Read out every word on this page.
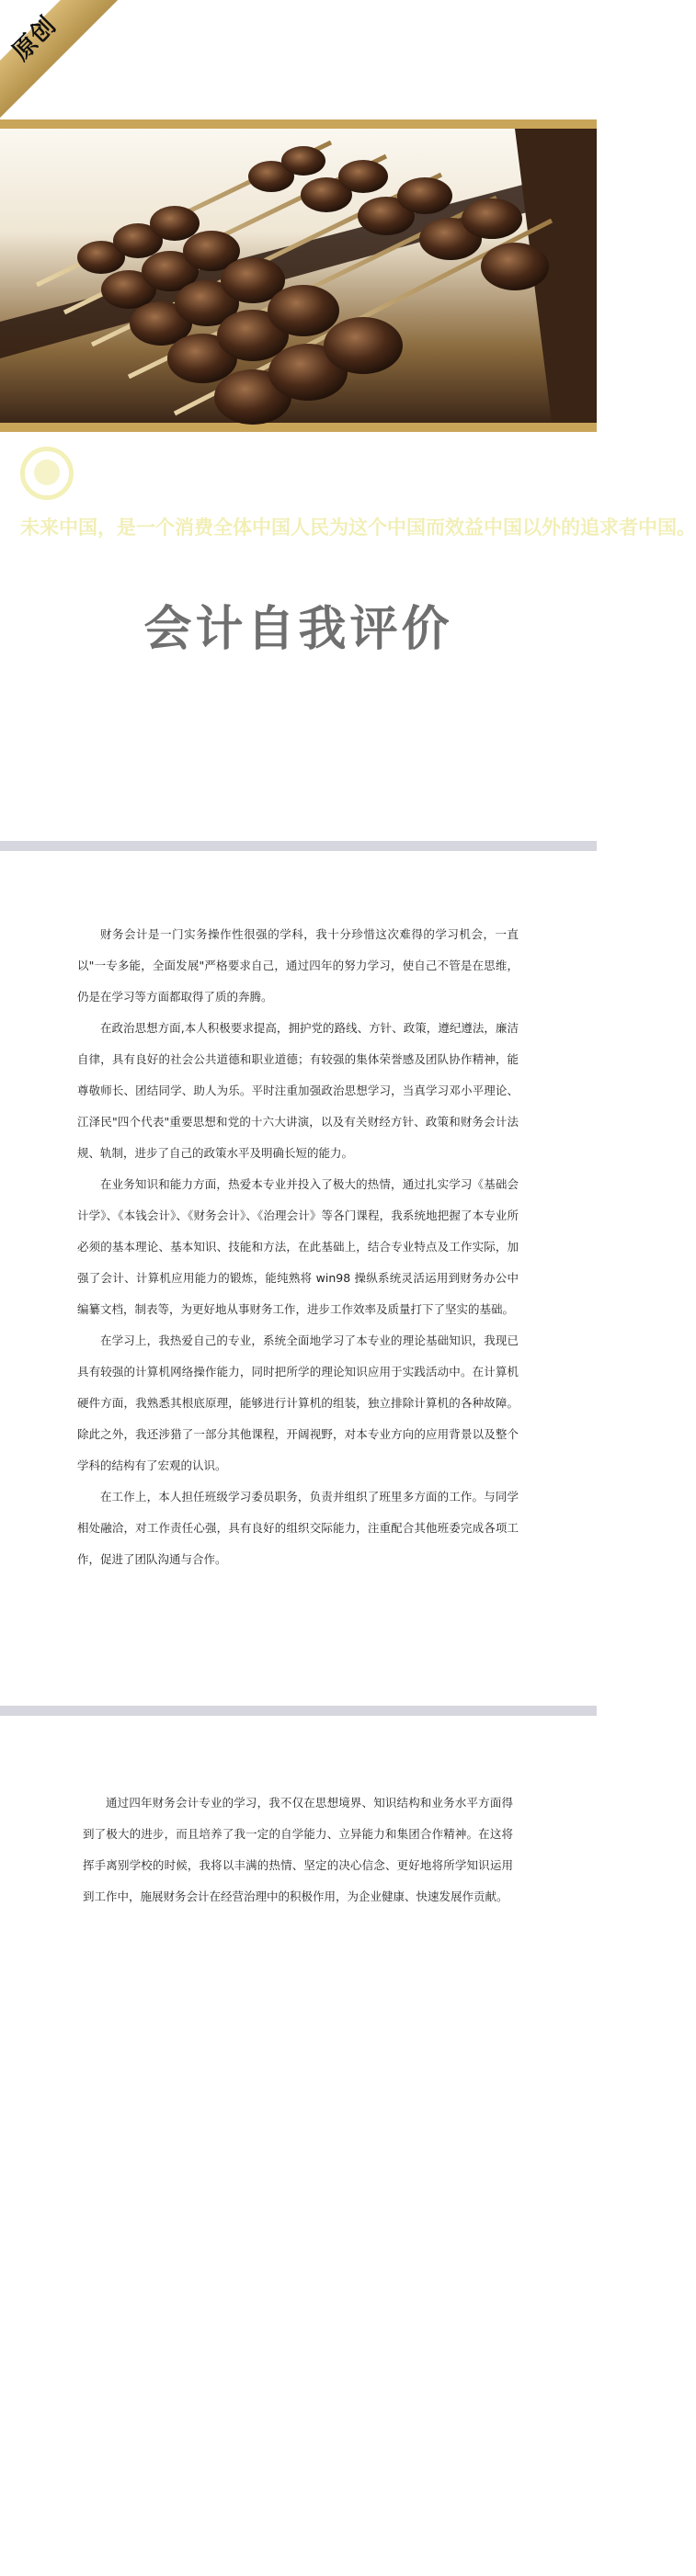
原创
未来中国，是一个消费全体中国人民为这个中国而效益中国以外的追求者中国。
会计自我评价

财务会计是一门实务操作性很强的学科，我十分珍惜这次难得的学习机会，一直以"一专多能，全面发展"严格要求自己，通过四年的努力学习，使自己不管是在思维，仍是在学习等方面都取得了质的奔腾。

在政治思想方面,本人积极要求提高，拥护党的路线、方针、政策，遵纪遵法，廉洁自律，具有良好的社会公共道德和职业道德；有较强的集体荣誉感及团队协作精神，能尊敬师长、团结同学、助人为乐。平时注重加强政治思想学习，当真学习邓小平理论、江泽民"四个代表"重要思想和党的十六大讲演，以及有关财经方针、政策和财务会计法规、轨制，进步了自己的政策水平及明确长短的能力。

在业务知识和能力方面，热爱本专业并投入了极大的热情，通过扎实学习《基础会计学》、《本钱会计》、《财务会计》、《治理会计》等各门课程，我系统地把握了本专业所必须的基本理论、基本知识、技能和方法，在此基础上，结合专业特点及工作实际，加强了会计、计算机应用能力的锻炼，能纯熟将 win98 操纵系统灵活运用到财务办公中编纂文档，制表等，为更好地从事财务工作，进步工作效率及质量打下了坚实的基础。

在学习上，我热爱自己的专业，系统全面地学习了本专业的理论基础知识，我现已具有较强的计算机网络操作能力，同时把所学的理论知识应用于实践活动中。在计算机硬件方面，我熟悉其根底原理，能够进行计算机的组装，独立排除计算机的各种故障。除此之外，我还涉猎了一部分其他课程，开阔视野，对本专业方向的应用背景以及整个学科的结构有了宏观的认识。

在工作上，本人担任班级学习委员职务，负责并组织了班里多方面的工作。与同学相处融洽，对工作责任心强，具有良好的组织交际能力，注重配合其他班委完成各项工作，促进了团队沟通与合作。

通过四年财务会计专业的学习，我不仅在思想境界、知识结构和业务水平方面得到了极大的进步，而且培养了我一定的自学能力、立异能力和集团合作精神。在这将挥手离别学校的时候，我将以丰满的热情、坚定的决心信念、更好地将所学知识运用到工作中，施展财务会计在经营治理中的积极作用，为企业健康、快速发展作贡献。
